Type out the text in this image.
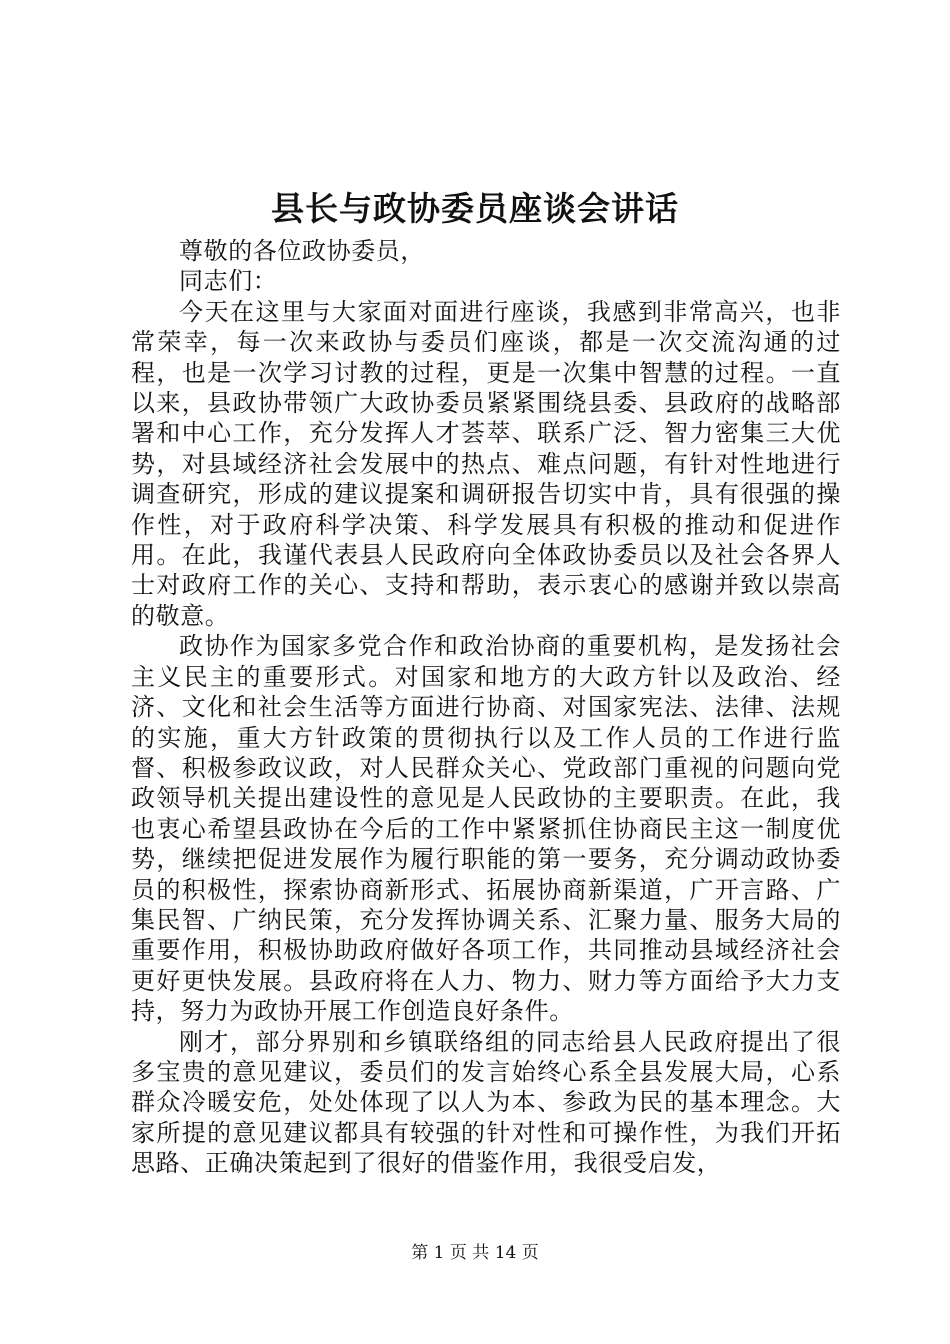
县长与政协委员座谈会讲话

尊敬的各位政协委员，

同志们：

今天在这里与大家面对面进行座谈，我感到非常高兴，也非常荣幸，每一次来政协与委员们座谈，都是一次交流沟通的过程，也是一次学习讨教的过程，更是一次集中智慧的过程。一直以来，县政协带领广大政协委员紧紧围绕县委、县政府的战略部署和中心工作，充分发挥人才荟萃、联系广泛、智力密集三大优势，对县域经济社会发展中的热点、难点问题，有针对性地进行调查研究，形成的建议提案和调研报告切实中肯，具有很强的操作性，对于政府科学决策、科学发展具有积极的推动和促进作用。在此，我谨代表县人民政府向全体政协委员以及社会各界人士对政府工作的关心、支持和帮助，表示衷心的感谢并致以崇高的敬意。

政协作为国家多党合作和政治协商的重要机构，是发扬社会主义民主的重要形式。对国家和地方的大政方针以及政治、经济、文化和社会生活等方面进行协商、对国家宪法、法律、法规的实施，重大方针政策的贯彻执行以及工作人员的工作进行监督、积极参政议政，对人民群众关心、党政部门重视的问题向党政领导机关提出建设性的意见是人民政协的主要职责。在此，我也衷心希望县政协在今后的工作中紧紧抓住协商民主这一制度优势，继续把促进发展作为履行职能的第一要务，充分调动政协委员的积极性，探索协商新形式、拓展协商新渠道，广开言路、广集民智、广纳民策，充分发挥协调关系、汇聚力量、服务大局的重要作用，积极协助政府做好各项工作，共同推动县域经济社会更好更快发展。县政府将在人力、物力、财力等方面给予大力支持，努力为政协开展工作创造良好条件。

刚才，部分界别和乡镇联络组的同志给县人民政府提出了很多宝贵的意见建议，委员们的发言始终心系全县发展大局，心系群众冷暖安危，处处体现了以人为本、参政为民的基本理念。大家所提的意见建议都具有较强的针对性和可操作性，为我们开拓思路、正确决策起到了很好的借鉴作用，我很受启发，

第 1 页 共 14 页
